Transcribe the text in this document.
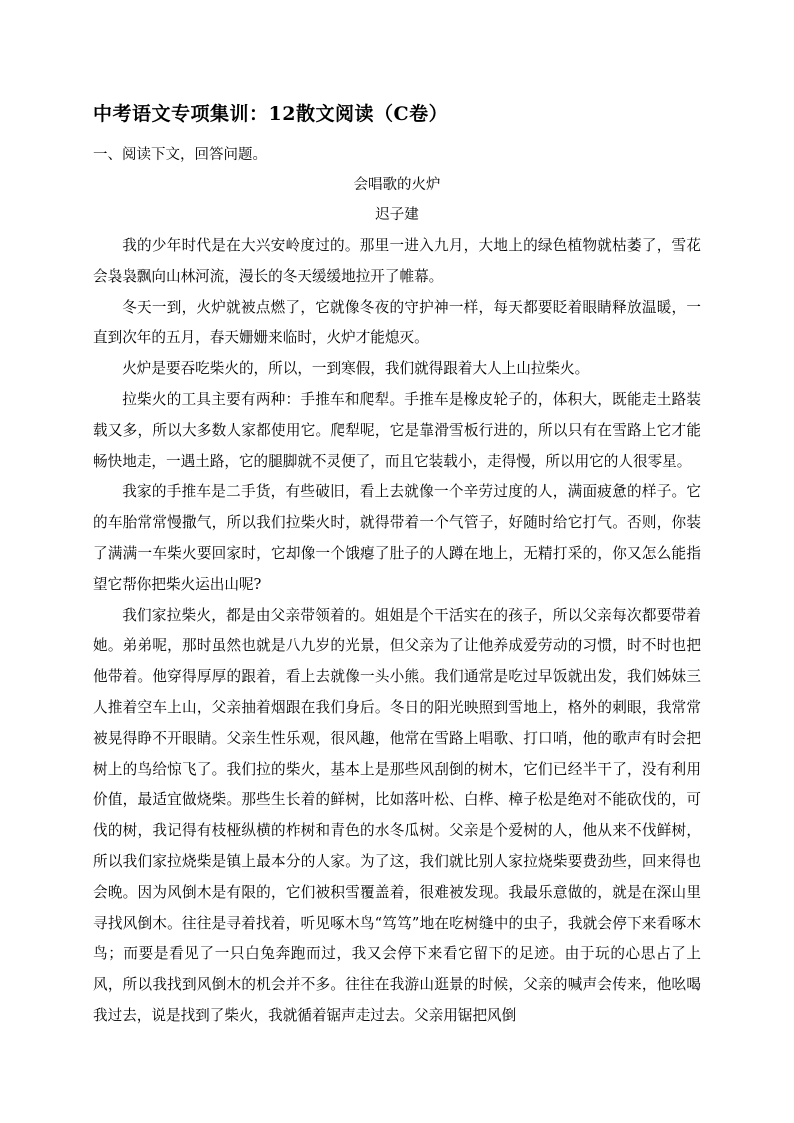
中考语文专项集训：12散文阅读（C卷）
一、阅读下文，回答问题。
会唱歌的火炉
迟子建

我的少年时代是在大兴安岭度过的。那里一进入九月，大地上的绿色植物就枯萎了，雪花会袅袅飘向山林河流，漫长的冬天缓缓地拉开了帷幕。

冬天一到，火炉就被点燃了，它就像冬夜的守护神一样，每天都要眨着眼睛释放温暖，一直到次年的五月，春天姗姗来临时，火炉才能熄灭。

火炉是要吞吃柴火的，所以，一到寒假，我们就得跟着大人上山拉柴火。

拉柴火的工具主要有两种：手推车和爬犁。手推车是橡皮轮子的，体积大，既能走土路装载又多，所以大多数人家都使用它。爬犁呢，它是靠滑雪板行进的，所以只有在雪路上它才能畅快地走，一遇土路，它的腿脚就不灵便了，而且它装载小，走得慢，所以用它的人很零星。

我家的手推车是二手货，有些破旧，看上去就像一个辛劳过度的人，满面疲惫的样子。它的车胎常常慢撒气，所以我们拉柴火时，就得带着一个气管子，好随时给它打气。否则，你装了满满一车柴火要回家时，它却像一个饿瘪了肚子的人蹲在地上，无精打采的，你又怎么能指望它帮你把柴火运出山呢?

我们家拉柴火，都是由父亲带领着的。姐姐是个干活实在的孩子，所以父亲每次都要带着她。弟弟呢，那时虽然也就是八九岁的光景，但父亲为了让他养成爱劳动的习惯，时不时也把他带着。他穿得厚厚的跟着，看上去就像一头小熊。我们通常是吃过早饭就出发，我们姊妹三人推着空车上山，父亲抽着烟跟在我们身后。冬日的阳光映照到雪地上，格外的刺眼，我常常被晃得睁不开眼睛。父亲生性乐观，很风趣，他常在雪路上唱歌、打口哨，他的歌声有时会把树上的鸟给惊飞了。我们拉的柴火，基本上是那些风刮倒的树木，它们已经半干了，没有利用价值，最适宜做烧柴。那些生长着的鲜树，比如落叶松、白桦、樟子松是绝对不能砍伐的，可伐的树，我记得有枝桠纵横的柞树和青色的水冬瓜树。父亲是个爱树的人，他从来不伐鲜树，所以我们家拉烧柴是镇上最本分的人家。为了这，我们就比别人家拉烧柴要费劲些，回来得也会晚。因为风倒木是有限的，它们被积雪覆盖着，很难被发现。我最乐意做的，就是在深山里寻找风倒木。往往是寻着找着，听见啄木鸟“笃笃”地在吃树缝中的虫子，我就会停下来看啄木鸟；而要是看见了一只白兔奔跑而过，我又会停下来看它留下的足迹。由于玩的心思占了上风，所以我找到风倒木的机会并不多。往往在我游山逛景的时候，父亲的喊声会传来，他吆喝我过去，说是找到了柴火，我就循着锯声走过去。父亲用锯把风倒
